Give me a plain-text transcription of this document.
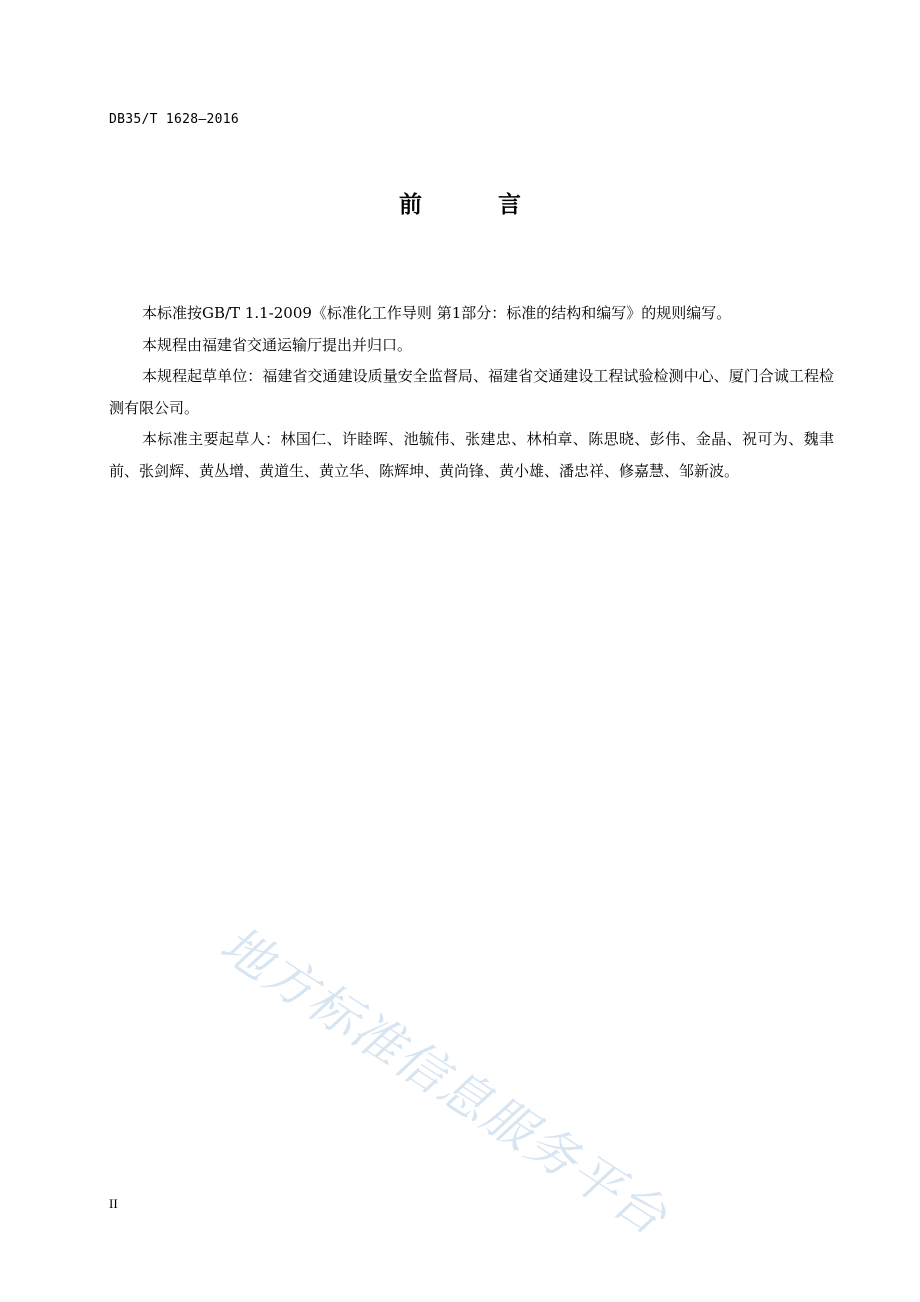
DB35/T 1628—2016
前 言

本标准按GB/T 1.1-2009《标准化工作导则 第1部分：标准的结构和编写》的规则编写。

本规程由福建省交通运输厅提出并归口。

本规程起草单位：福建省交通建设质量安全监督局、福建省交通建设工程试验检测中心、厦门合诚工程检测有限公司。

本标准主要起草人：林国仁、许睦晖、池毓伟、张建忠、林柏章、陈思晓、彭伟、金晶、祝可为、魏聿前、张剑辉、黄丛增、黄道生、黄立华、陈辉坤、黄尚锋、黄小雄、潘忠祥、修嘉慧、邹新波。

地方标准信息服务平台
II
